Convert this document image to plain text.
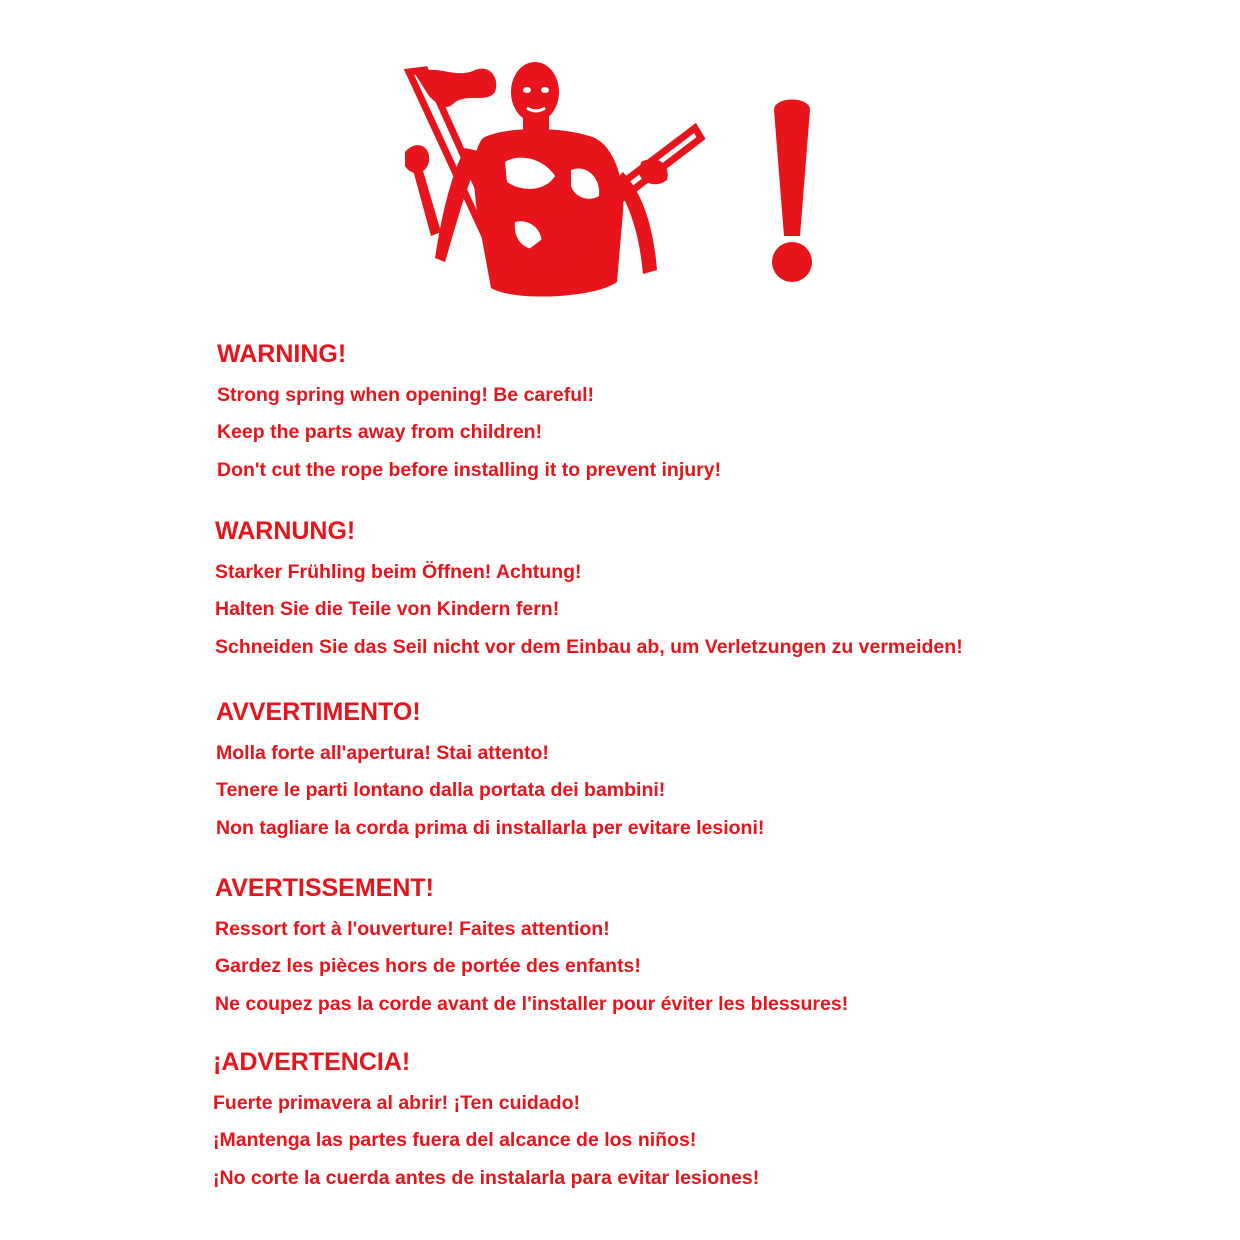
WARNING!
Strong spring when opening! Be careful!
Keep the parts away from children!
Don't cut the rope before installing it to prevent injury!
WARNUNG!
Starker Frühling beim Öffnen! Achtung!
Halten Sie die Teile von Kindern fern!
Schneiden Sie das Seil nicht vor dem Einbau ab, um Verletzungen zu vermeiden!
AVVERTIMENTO!
Molla forte all'apertura! Stai attento!
Tenere le parti lontano dalla portata dei bambini!
Non tagliare la corda prima di installarla per evitare lesioni!
AVERTISSEMENT!
Ressort fort à l'ouverture! Faites attention!
Gardez les pièces hors de portée des enfants!
Ne coupez pas la corde avant de l'installer pour éviter les blessures!
¡ADVERTENCIA!
Fuerte primavera al abrir! ¡Ten cuidado!
¡Mantenga las partes fuera del alcance de los niños!
¡No corte la cuerda antes de instalarla para evitar lesiones!
